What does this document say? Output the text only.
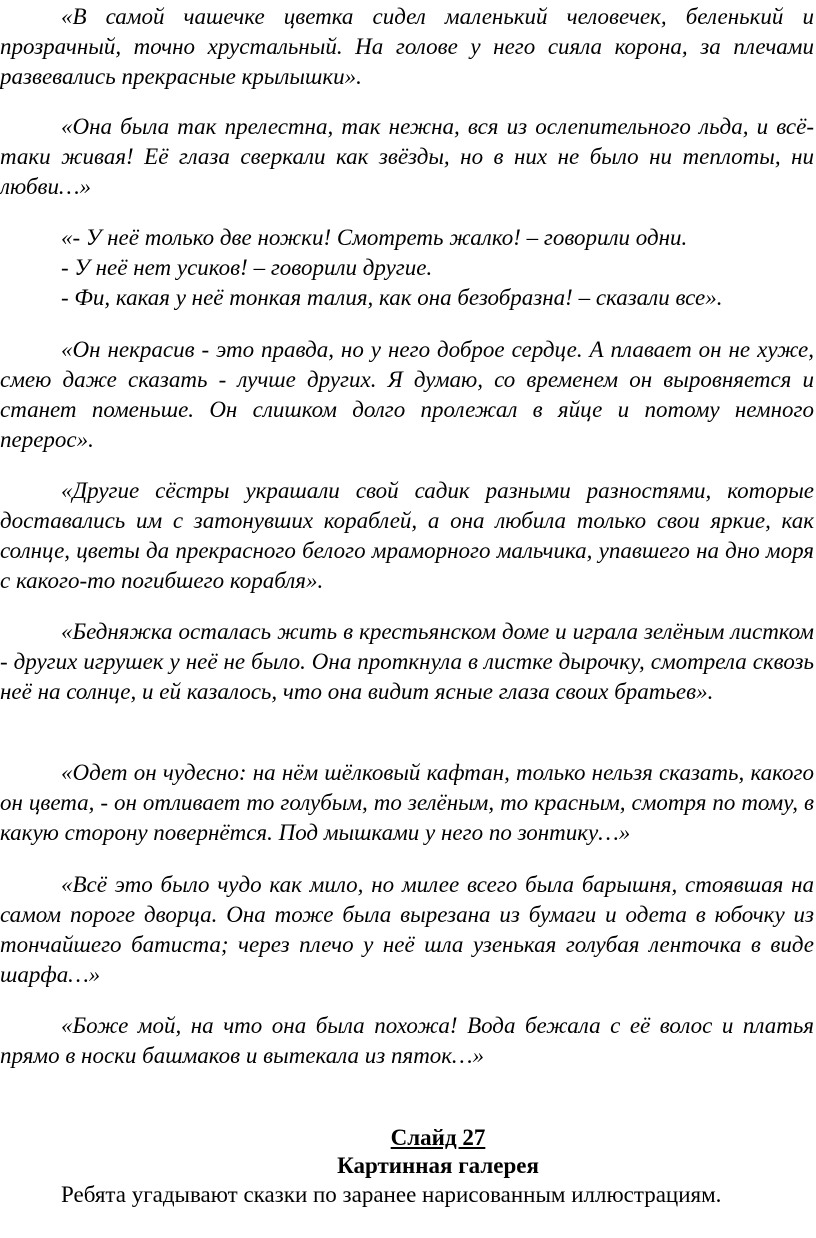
«В самой чашечке цветка сидел маленький человечек, беленький и прозрачный, точно хрустальный. На голове у него сияла корона, за плечами развевались прекрасные крылышки».

«Она была так прелестна, так нежна, вся из ослепительного льда, и всё-таки живая! Её глаза сверкали как звёзды, но в них не было ни теплоты, ни любви…»

«- У неё только две ножки! Смотреть жалко! – говорили одни.

- У неё нет усиков! – говорили другие.

- Фи, какая у неё тонкая талия, как она безобразна! – сказали все».

«Он некрасив - это правда, но у него доброе сердце. А плавает он не хуже, смею даже сказать - лучше других. Я думаю, со временем он выровняется и станет поменьше. Он слишком долго пролежал в яйце и потому немного перерос».

«Другие сёстры украшали свой садик разными разностями, которые доставались им с затонувших кораблей, а она любила только свои яркие, как солнце, цветы да прекрасного белого мраморного мальчика, упавшего на дно моря с какого-то погибшего корабля».

«Бедняжка осталась жить в крестьянском доме и играла зелёным листком - других игрушек у неё не было. Она проткнула в листке дырочку, смотрела сквозь неё на солнце, и ей казалось, что она видит ясные глаза своих братьев».

«Одет он чудесно: на нём шёлковый кафтан, только нельзя сказать, какого он цвета, - он отливает то голубым, то зелёным, то красным, смотря по тому, в какую сторону повернётся. Под мышками у него по зонтику…»

«Всё это было чудо как мило, но милее всего была барышня, стоявшая на самом пороге дворца. Она тоже была вырезана из бумаги и одета в юбочку из тончайшего батиста; через плечо у неё шла узенькая голубая ленточка в виде шарфа…»

«Боже мой, на что она была похожа! Вода бежала с её волос и платья прямо в носки башмаков и вытекала из пяток…»

Слайд 27
Картинная галерея
Ребята угадывают сказки по заранее нарисованным иллюстрациям.
